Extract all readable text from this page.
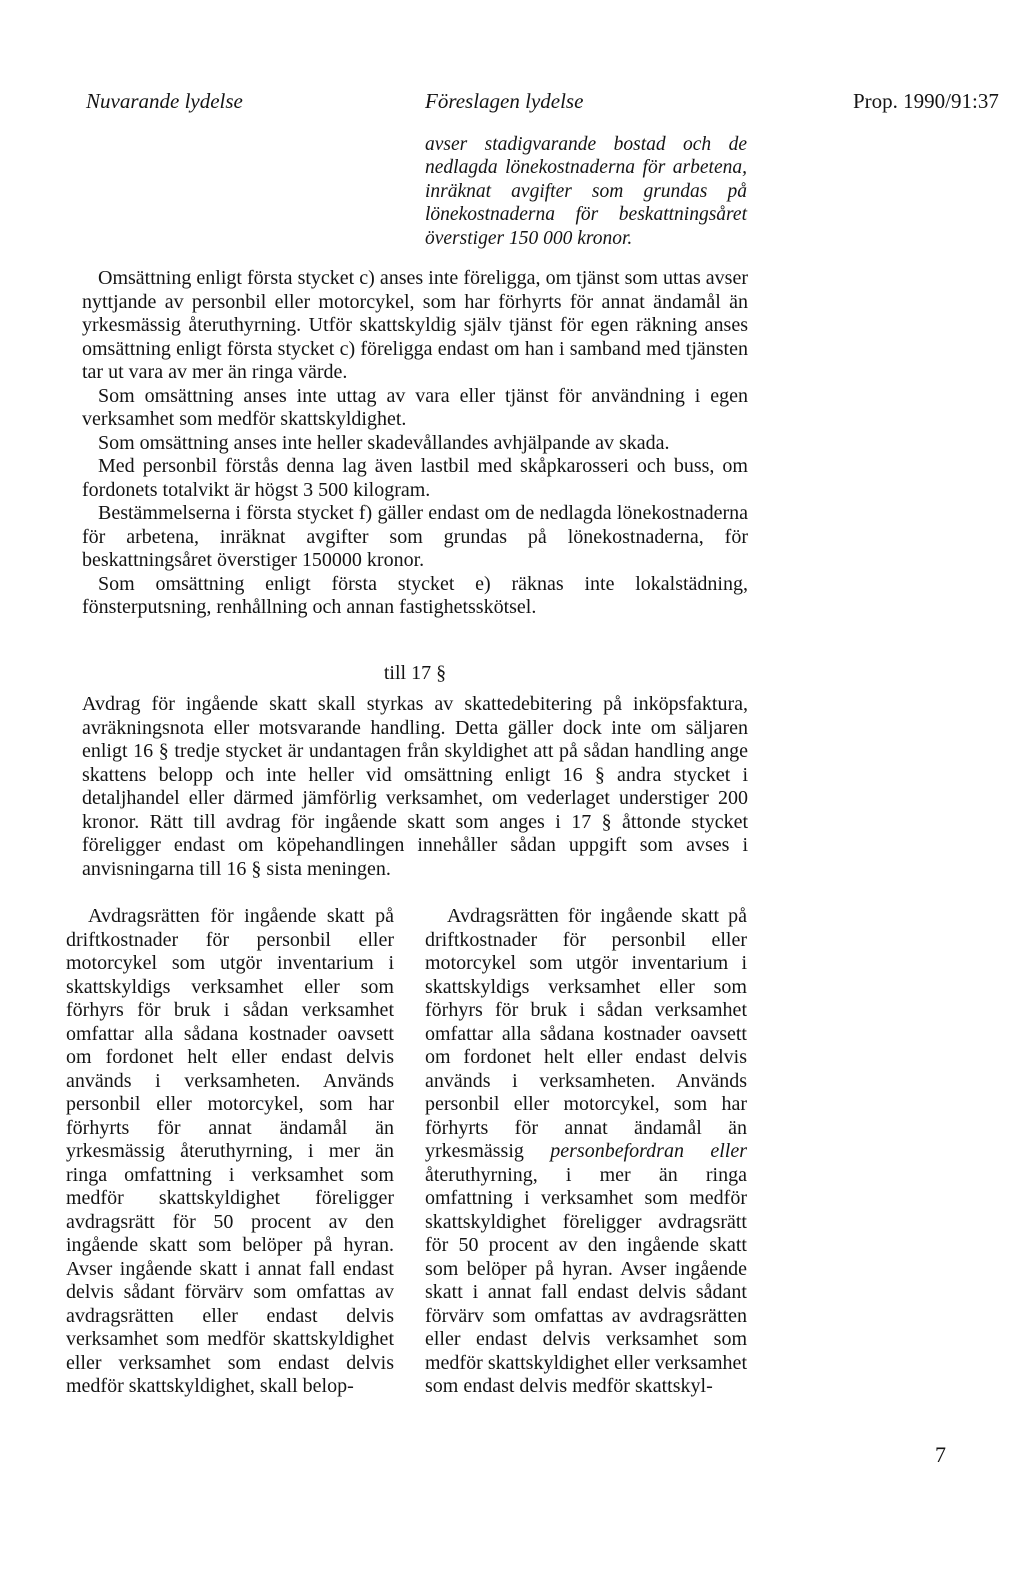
Nuvarande lydelse	Föreslagen lydelse	Prop. 1990/91:37

avser stadigvarande bostad och de nedlagda lönekostnaderna för arbetena, inräknat avgifter som grundas på lönekostnaderna för beskattningsåret överstiger 150 000 kronor.

Omsättning enligt första stycket c) anses inte föreligga, om tjänst som uttas avser nyttjande av personbil eller motorcykel, som har förhyrts för annat ändamål än yrkesmässig återuthyrning. Utför skattskyldig själv tjänst för egen räkning anses omsättning enligt första stycket c) föreligga endast om han i samband med tjänsten tar ut vara av mer än ringa värde.

Som omsättning anses inte uttag av vara eller tjänst för användning i egen verksamhet som medför skattskyldighet.

Som omsättning anses inte heller skadevållandes avhjälpande av skada.

Med personbil förstås denna lag även lastbil med skåpkarosseri och buss, om fordonets totalvikt är högst 3 500 kilogram.

Bestämmelserna i första stycket f) gäller endast om de nedlagda lönekostnaderna för arbetena, inräknat avgifter som grundas på lönekostnaderna, för beskattningsåret överstiger 150000 kronor.

Som omsättning enligt första stycket e) räknas inte lokalstädning, fönsterputsning, renhållning och annan fastighetsskötsel.

till 17 §

Avdrag för ingående skatt skall styrkas av skattedebitering på inköpsfaktura, avräkningsnota eller motsvarande handling. Detta gäller dock inte om säljaren enligt 16 § tredje stycket är undantagen från skyldighet att på sådan handling ange skattens belopp och inte heller vid omsättning enligt 16 § andra stycket i detaljhandel eller därmed jämförlig verksamhet, om vederlaget understiger 200 kronor. Rätt till avdrag för ingående skatt som anges i 17 § åttonde stycket föreligger endast om köpehandlingen innehåller sådan uppgift som avses i anvisningarna till 16 § sista meningen.

Avdragsrätten för ingående skatt på driftkostnader för personbil eller motorcykel som utgör inventarium i skattskyldigs verksamhet eller som förhyrs för bruk i sådan verksamhet omfattar alla sådana kostnader oavsett om fordonet helt eller endast delvis används i verksamheten. Används personbil eller motorcykel, som har förhyrts för annat ändamål än yrkesmässig återuthyrning, i mer än ringa omfattning i verksamhet som medför skattskyldighet föreligger avdragsrätt för 50 procent av den ingående skatt som belöper på hyran. Avser ingående skatt i annat fall endast delvis sådant förvärv som omfattas av avdragsrätten eller endast delvis verksamhet som medför skattskyldighet eller verksamhet som endast delvis medför skattskyldighet, skall belop-

Avdragsrätten för ingående skatt på driftkostnader för personbil eller motorcykel som utgör inventarium i skattskyldigs verksamhet eller som förhyrs för bruk i sådan verksamhet omfattar alla sådana kostnader oavsett om fordonet helt eller endast delvis används i verksamheten. Används personbil eller motorcykel, som har förhyrts för annat ändamål än yrkesmässig personbefordran eller återuthyrning, i mer än ringa omfattning i verksamhet som medför skattskyldighet föreligger avdragsrätt för 50 procent av den ingående skatt som belöper på hyran. Avser ingående skatt i annat fall endast delvis sådant förvärv som omfattas av avdragsrätten eller endast delvis verksamhet som medför skattskyldighet eller verksamhet som endast delvis medför skattskyl-

7
